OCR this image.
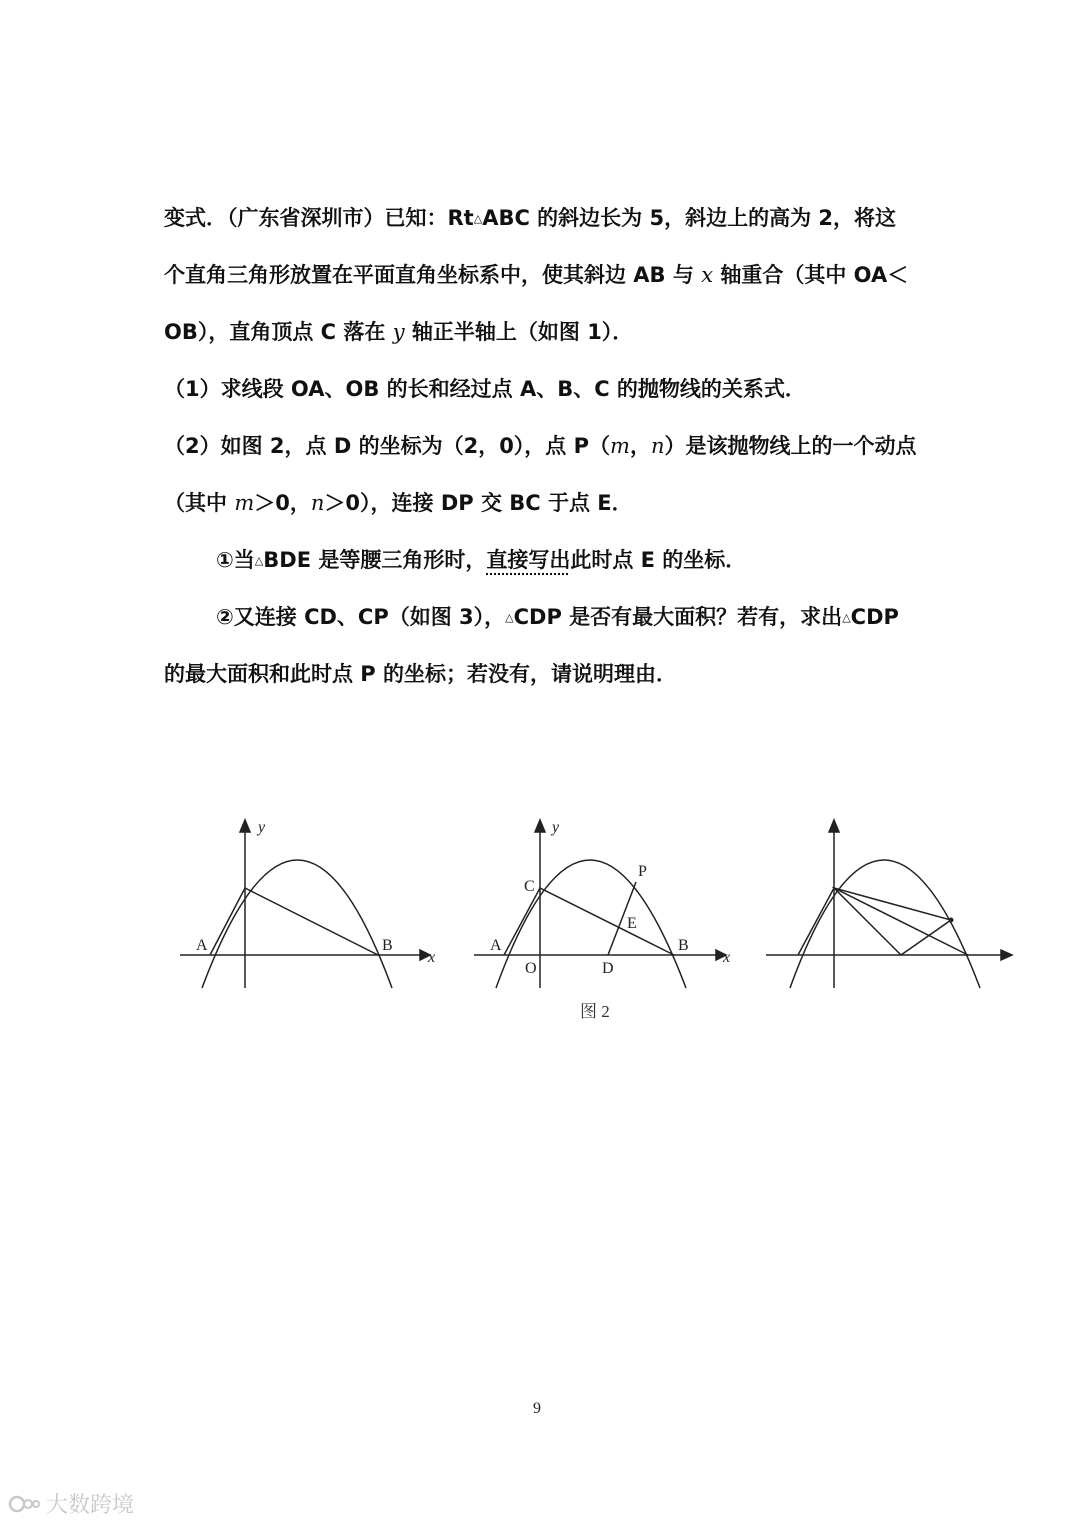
变式．（广东省深圳市）已知：Rt△ABC 的斜边长为 5，斜边上的高为 2，将这
个直角三角形放置在平面直角坐标系中，使其斜边 AB 与 x 轴重合（其中 OA＜
OB），直角顶点 C 落在 y 轴正半轴上（如图 1）．
（1）求线段 OA、OB 的长和经过点 A、B、C 的抛物线的关系式．
（2）如图 2，点 D 的坐标为（2，0），点 P（m，n）是该抛物线上的一个动点
（其中 m＞0，n＞0），连接 DP 交 BC 于点 E．
①当△BDE 是等腰三角形时，直接写出此时点 E 的坐标．
②又连接 CD、CP（如图 3），△CDP 是否有最大面积？若有，求出△CDP
的最大面积和此时点 P 的坐标；若没有，请说明理由．
y
x
A	B
y
x
A	B
C
O	D
E
P
图 2
9
大数跨境
